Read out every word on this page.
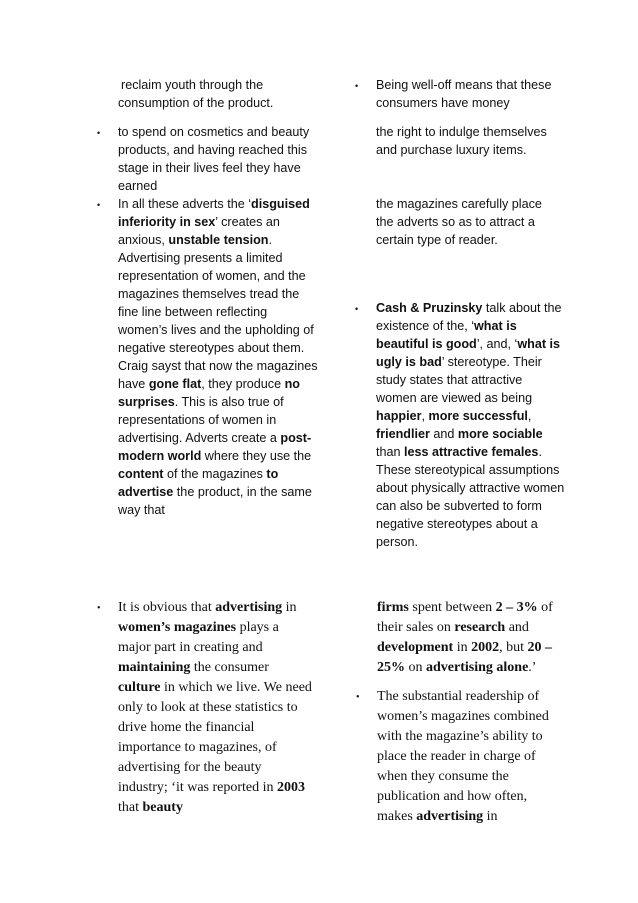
reclaim youth through the consumption of the product.
• to spend on cosmetics and beauty products, and having reached this stage in their lives feel they have earned
• In all these adverts the ‘disguised inferiority in sex’ creates an anxious, unstable tension. Advertising presents a limited representation of women, and the magazines themselves tread the fine line between reflecting women’s lives and the upholding of negative stereotypes about them. Craig sayst that now the magazines have gone flat, they produce no surprises. This is also true of representations of women in advertising. Adverts create a post-modern world where they use the content of the magazines to advertise the product, in the same way that
• Being well-off means that these consumers have money
the right to indulge themselves and purchase luxury items.
the magazines carefully place the adverts so as to attract a certain type of reader.
• Cash & Pruzinsky talk about the existence of the, ‘what is beautiful is good’, and, ‘what is ugly is bad’ stereotype. Their study states that attractive women are viewed as being happier, more successful, friendlier and more sociable than less attractive females. These stereotypical assumptions about physically attractive women can also be subverted to form negative stereotypes about a person.
• It is obvious that advertising in women’s magazines plays a major part in creating and maintaining the consumer culture in which we live. We need only to look at these statistics to drive home the financial importance to magazines, of advertising for the beauty industry; ‘it was reported in 2003 that beauty
firms spent between 2 – 3% of their sales on research and development in 2002, but 20 – 25% on advertising alone.’
• The substantial readership of women’s magazines combined with the magazine’s ability to place the reader in charge of when they consume the publication and how often, makes advertising in
